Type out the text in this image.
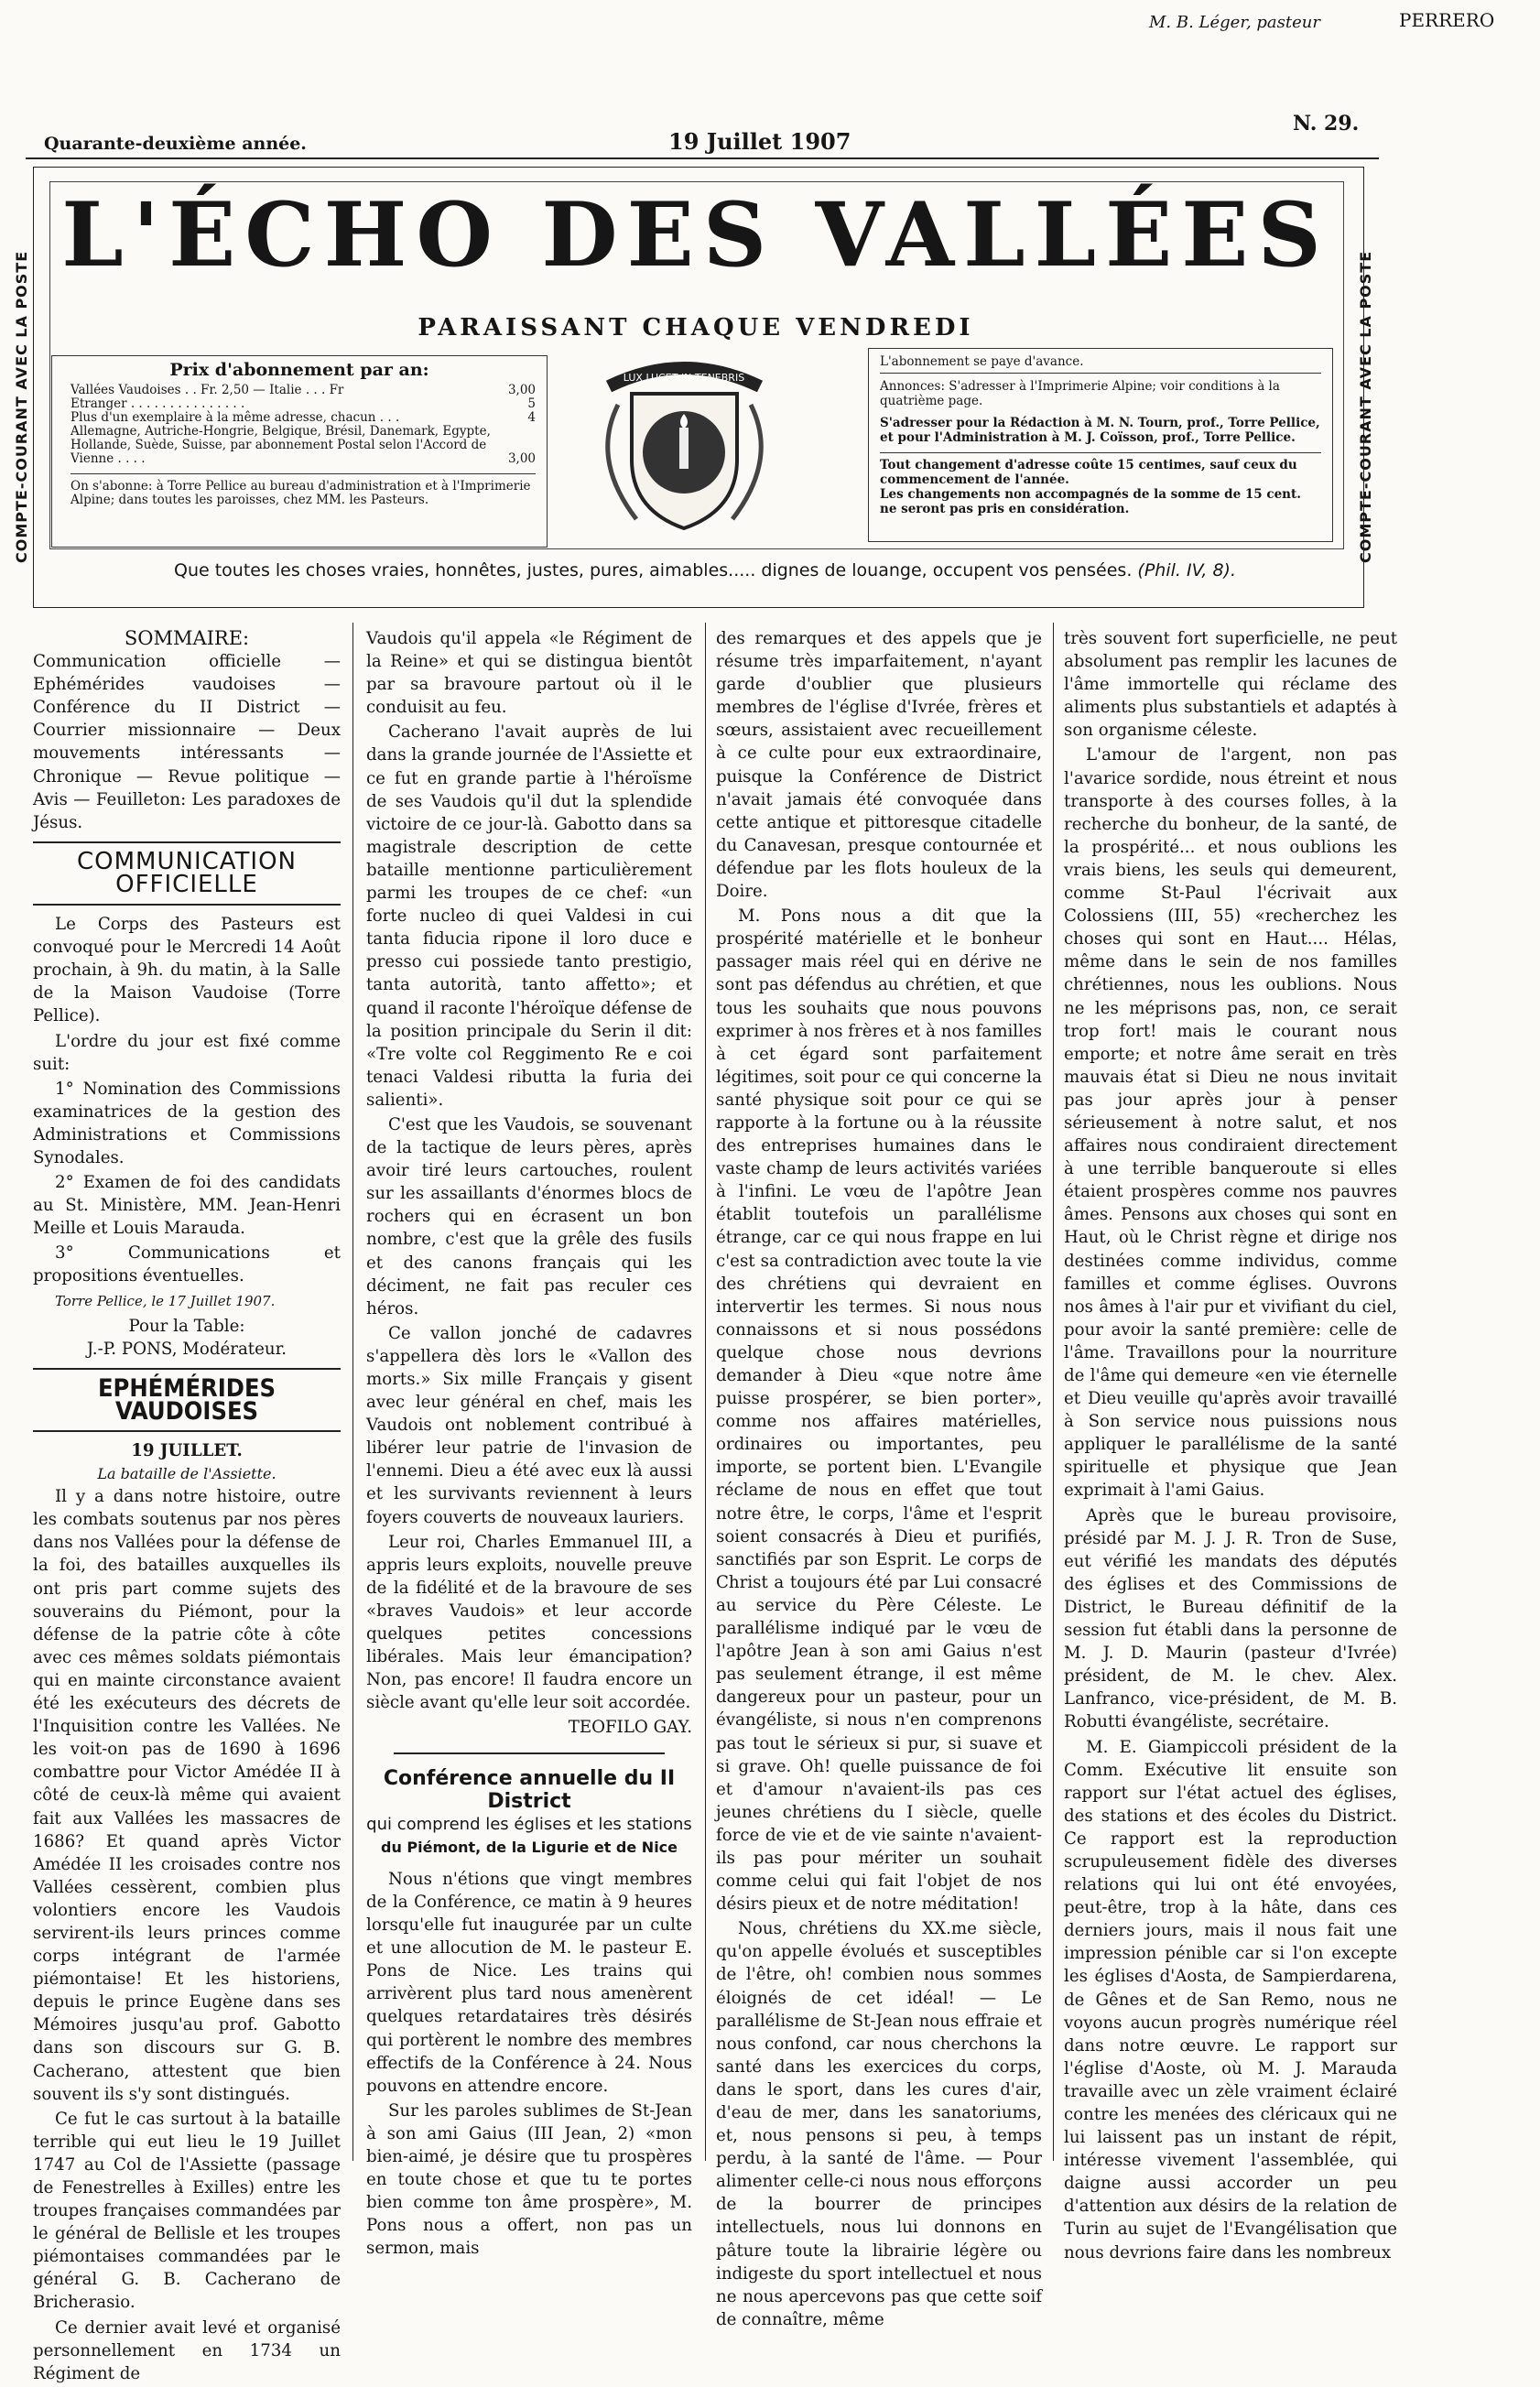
M. B. Léger, pasteur	PERRERO
Quarante-deuxième année.	19 Juillet 1907
N. 29.
COMPTE-COURANT AVEC LA POSTE	COMPTE-COURANT AVEC LA POSTE
L'ÉCHO DES VALLÉES
PARAISSANT CHAQUE VENDREDI
Prix d'abonnement par an:
Vallées Vaudoises . . Fr. 2,50 — Italie . . . Fr	3,00
Etranger . . . . . . . . . . . . . . .	5
Plus d'un exemplaire à la même adresse, chacun . . .	4
Allemagne, Autriche-Hongrie, Belgique, Brésil, Danemark, Egypte, Hollande, Suède, Suisse, par abonnement Postal selon l'Accord de Vienne . . . .	3,00
On s'abonne: à Torre Pellice au bureau d'administration et à l'Imprimerie Alpine; dans toutes les paroisses, chez MM. les Pasteurs.
LUX LUCET IN TENEBRIS
L'abonnement se paye d'avance.
Annonces: S'adresser à l'Imprimerie Alpine; voir conditions à la quatrième page.
S'adresser pour la Rédaction à M. N. Tourn, prof., Torre Pellice, et pour l'Administration à M. J. Coïsson, prof., Torre Pellice.
Tout changement d'adresse coûte 15 centimes, sauf ceux du commencement de l'année.
Les changements non accompagnés de la somme de 15 cent. ne seront pas pris en considération.
Que toutes les choses vraies, honnêtes, justes, pures, aimables..... dignes de louange, occupent vos pensées. (Phil. IV, 8).
SOMMAIRE:

Communication officielle — Ephémérides vaudoises — Conférence du II District — Courrier missionnaire — Deux mouvements intéressants — Chronique — Revue politique — Avis — Feuilleton: Les paradoxes de Jésus.

COMMUNICATION OFFICIELLE

Le Corps des Pasteurs est convoqué pour le Mercredi 14 Août prochain, à 9h. du matin, à la Salle de la Maison Vaudoise (Torre Pellice).

L'ordre du jour est fixé comme suit:

1° Nomination des Commissions examinatrices de la gestion des Administrations et Commissions Synodales.

2° Examen de foi des candidats au St. Ministère, MM. Jean-Henri Meille et Louis Marauda.

3° Communications et propositions éventuelles.

Torre Pellice, le 17 Juillet 1907.

Pour la Table:
J.-P. PONS, Modérateur.
EPHÉMÉRIDES VAUDOISES
19 JUILLET.
La bataille de l'Assiette.

Il y a dans notre histoire, outre les combats soutenus par nos pères dans nos Vallées pour la défense de la foi, des batailles auxquelles ils ont pris part comme sujets des souverains du Piémont, pour la défense de la patrie côte à côte avec ces mêmes soldats piémontais qui en mainte circonstance avaient été les exécuteurs des décrets de l'Inquisition contre les Vallées. Ne les voit-on pas de 1690 à 1696 combattre pour Victor Amédée II à côté de ceux-là même qui avaient fait aux Vallées les massacres de 1686? Et quand après Victor Amédée II les croisades contre nos Vallées cessèrent, combien plus volontiers encore les Vaudois servirent-ils leurs princes comme corps intégrant de l'armée piémontaise! Et les historiens, depuis le prince Eugène dans ses Mémoires jusqu'au prof. Gabotto dans son discours sur G. B. Cacherano, attestent que bien souvent ils s'y sont distingués.

Ce fut le cas surtout à la bataille terrible qui eut lieu le 19 Juillet 1747 au Col de l'Assiette (passage de Fenestrelles à Exilles) entre les troupes françaises commandées par le général de Bellisle et les troupes piémontaises commandées par le général G. B. Cacherano de Bricherasio.

Ce dernier avait levé et organisé personnellement en 1734 un Régiment de

Vaudois qu'il appela «le Régiment de la Reine» et qui se distingua bientôt par sa bravoure partout où il le conduisit au feu.

Cacherano l'avait auprès de lui dans la grande journée de l'Assiette et ce fut en grande partie à l'héroïsme de ses Vaudois qu'il dut la splendide victoire de ce jour-là. Gabotto dans sa magistrale description de cette bataille mentionne particulièrement parmi les troupes de ce chef: «un forte nucleo di quei Valdesi in cui tanta fiducia ripone il loro duce e presso cui possiede tanto prestigio, tanta autorità, tanto affetto»; et quand il raconte l'héroïque défense de la position principale du Serin il dit: «Tre volte col Reggimento Re e coi tenaci Valdesi ributta la furia dei salienti».

C'est que les Vaudois, se souvenant de la tactique de leurs pères, après avoir tiré leurs cartouches, roulent sur les assaillants d'énormes blocs de rochers qui en écrasent un bon nombre, c'est que la grêle des fusils et des canons français qui les déciment, ne fait pas reculer ces héros.

Ce vallon jonché de cadavres s'appellera dès lors le «Vallon des morts.» Six mille Français y gisent avec leur général en chef, mais les Vaudois ont noblement contribué à libérer leur patrie de l'invasion de l'ennemi. Dieu a été avec eux là aussi et les survivants reviennent à leurs foyers couverts de nouveaux lauriers.

Leur roi, Charles Emmanuel III, a appris leurs exploits, nouvelle preuve de la fidélité et de la bravoure de ses «braves Vaudois» et leur accorde quelques petites concessions libérales. Mais leur émancipation? Non, pas encore! Il faudra encore un siècle avant qu'elle leur soit accordée.

TEOFILO GAY.
Conférence annuelle du II District
qui comprend les églises et les stations
du Piémont, de la Ligurie et de Nice

Nous n'étions que vingt membres de la Conférence, ce matin à 9 heures lorsqu'elle fut inaugurée par un culte et une allocution de M. le pasteur E. Pons de Nice. Les trains qui arrivèrent plus tard nous amenèrent quelques retardataires très désirés qui portèrent le nombre des membres effectifs de la Conférence à 24. Nous pouvons en attendre encore.

Sur les paroles sublimes de St-Jean à son ami Gaius (III Jean, 2) «mon bien-aimé, je désire que tu prospères en toute chose et que tu te portes bien comme ton âme prospère», M. Pons nous a offert, non pas un sermon, mais

des remarques et des appels que je résume très imparfaitement, n'ayant garde d'oublier que plusieurs membres de l'église d'Ivrée, frères et sœurs, assistaient avec recueillement à ce culte pour eux extraordinaire, puisque la Conférence de District n'avait jamais été convoquée dans cette antique et pittoresque citadelle du Canavesan, presque contournée et défendue par les flots houleux de la Doire.

M. Pons nous a dit que la prospérité matérielle et le bonheur passager mais réel qui en dérive ne sont pas défendus au chrétien, et que tous les souhaits que nous pouvons exprimer à nos frères et à nos familles à cet égard sont parfaitement légitimes, soit pour ce qui concerne la santé physique soit pour ce qui se rapporte à la fortune ou à la réussite des entreprises humaines dans le vaste champ de leurs activités variées à l'infini. Le vœu de l'apôtre Jean établit toutefois un parallélisme étrange, car ce qui nous frappe en lui c'est sa contradiction avec toute la vie des chrétiens qui devraient en intervertir les termes. Si nous nous connaissons et si nous possédons quelque chose nous devrions demander à Dieu «que notre âme puisse prospérer, se bien porter», comme nos affaires matérielles, ordinaires ou importantes, peu importe, se portent bien. L'Evangile réclame de nous en effet que tout notre être, le corps, l'âme et l'esprit soient consacrés à Dieu et purifiés, sanctifiés par son Esprit. Le corps de Christ a toujours été par Lui consacré au service du Père Céleste. Le parallélisme indiqué par le vœu de l'apôtre Jean à son ami Gaius n'est pas seulement étrange, il est même dangereux pour un pasteur, pour un évangéliste, si nous n'en comprenons pas tout le sérieux si pur, si suave et si grave. Oh! quelle puissance de foi et d'amour n'avaient-ils pas ces jeunes chrétiens du I siècle, quelle force de vie et de vie sainte n'avaient-ils pas pour mériter un souhait comme celui qui fait l'objet de nos désirs pieux et de notre méditation!

Nous, chrétiens du XX.me siècle, qu'on appelle évolués et susceptibles de l'être, oh! combien nous sommes éloignés de cet idéal! — Le parallélisme de St-Jean nous effraie et nous confond, car nous cherchons la santé dans les exercices du corps, dans le sport, dans les cures d'air, d'eau de mer, dans les sanatoriums, et, nous pensons si peu, à temps perdu, à la santé de l'âme. — Pour alimenter celle-ci nous nous efforçons de la bourrer de principes intellectuels, nous lui donnons en pâture toute la librairie légère ou indigeste du sport intellectuel et nous ne nous apercevons pas que cette soif de connaître, même

très souvent fort superficielle, ne peut absolument pas remplir les lacunes de l'âme immortelle qui réclame des aliments plus substantiels et adaptés à son organisme céleste.

L'amour de l'argent, non pas l'avarice sordide, nous étreint et nous transporte à des courses folles, à la recherche du bonheur, de la santé, de la prospérité... et nous oublions les vrais biens, les seuls qui demeurent, comme St-Paul l'écrivait aux Colossiens (III, 55) «recherchez les choses qui sont en Haut.... Hélas, même dans le sein de nos familles chrétiennes, nous les oublions. Nous ne les méprisons pas, non, ce serait trop fort! mais le courant nous emporte; et notre âme serait en très mauvais état si Dieu ne nous invitait pas jour après jour à penser sérieusement à notre salut, et nos affaires nous condiraient directement à une terrible banqueroute si elles étaient prospères comme nos pauvres âmes. Pensons aux choses qui sont en Haut, où le Christ règne et dirige nos destinées comme individus, comme familles et comme églises. Ouvrons nos âmes à l'air pur et vivifiant du ciel, pour avoir la santé première: celle de l'âme. Travaillons pour la nourriture de l'âme qui demeure «en vie éternelle et Dieu veuille qu'après avoir travaillé à Son service nous puissions nous appliquer le parallélisme de la santé spirituelle et physique que Jean exprimait à l'ami Gaius.

Après que le bureau provisoire, présidé par M. J. J. R. Tron de Suse, eut vérifié les mandats des députés des églises et des Commissions de District, le Bureau définitif de la session fut établi dans la personne de M. J. D. Maurin (pasteur d'Ivrée) président, de M. le chev. Alex. Lanfranco, vice-président, de M. B. Robutti évangéliste, secrétaire.

M. E. Giampiccoli président de la Comm. Exécutive lit ensuite son rapport sur l'état actuel des églises, des stations et des écoles du District. Ce rapport est la reproduction scrupuleusement fidèle des diverses relations qui lui ont été envoyées, peut-être, trop à la hâte, dans ces derniers jours, mais il nous fait une impression pénible car si l'on excepte les églises d'Aosta, de Sampierdarena, de Gênes et de San Remo, nous ne voyons aucun progrès numérique réel dans notre œuvre. Le rapport sur l'église d'Aoste, où M. J. Marauda travaille avec un zèle vraiment éclairé contre les menées des cléricaux qui ne lui laissent pas un instant de répit, intéresse vivement l'assemblée, qui daigne aussi accorder un peu d'attention aux désirs de la relation de Turin au sujet de l'Evangélisation que nous devrions faire dans les nombreux
